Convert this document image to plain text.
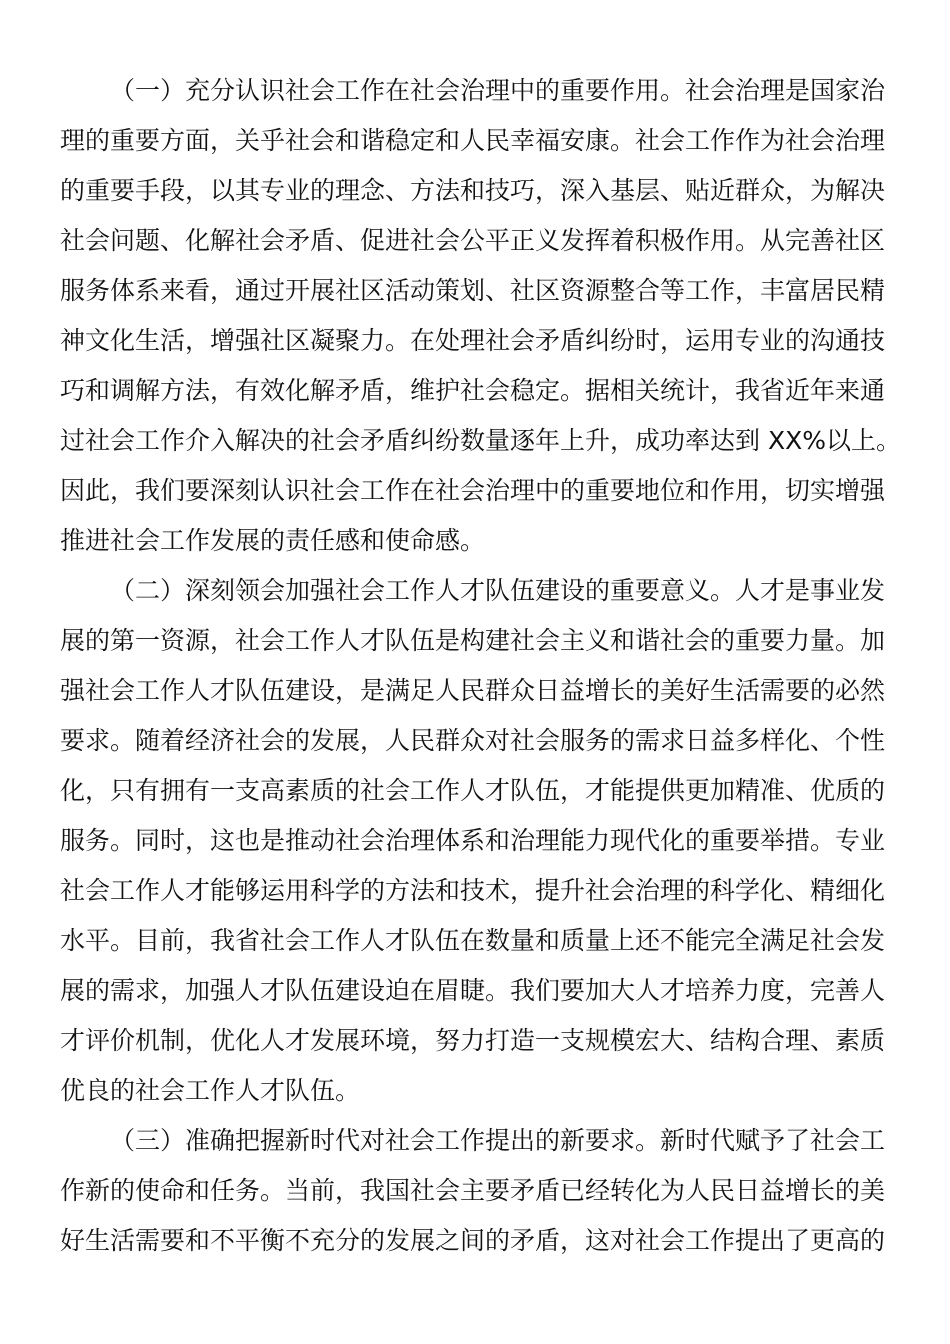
（一）充分认识社会工作在社会治理中的重要作用。社会治理是国家治
理的重要方面，关乎社会和谐稳定和人民幸福安康。社会工作作为社会治理
的重要手段，以其专业的理念、方法和技巧，深入基层、贴近群众，为解决
社会问题、化解社会矛盾、促进社会公平正义发挥着积极作用。从完善社区
服务体系来看，通过开展社区活动策划、社区资源整合等工作，丰富居民精
神文化生活，增强社区凝聚力。在处理社会矛盾纠纷时，运用专业的沟通技
巧和调解方法，有效化解矛盾，维护社会稳定。据相关统计，我省近年来通
过社会工作介入解决的社会矛盾纠纷数量逐年上升，成功率达到 XX%以上。
因此，我们要深刻认识社会工作在社会治理中的重要地位和作用，切实增强
推进社会工作发展的责任感和使命感。
（二）深刻领会加强社会工作人才队伍建设的重要意义。人才是事业发
展的第一资源，社会工作人才队伍是构建社会主义和谐社会的重要力量。加
强社会工作人才队伍建设，是满足人民群众日益增长的美好生活需要的必然
要求。随着经济社会的发展，人民群众对社会服务的需求日益多样化、个性
化，只有拥有一支高素质的社会工作人才队伍，才能提供更加精准、优质的
服务。同时，这也是推动社会治理体系和治理能力现代化的重要举措。专业
社会工作人才能够运用科学的方法和技术，提升社会治理的科学化、精细化
水平。目前，我省社会工作人才队伍在数量和质量上还不能完全满足社会发
展的需求，加强人才队伍建设迫在眉睫。我们要加大人才培养力度，完善人
才评价机制，优化人才发展环境，努力打造一支规模宏大、结构合理、素质
优良的社会工作人才队伍。
（三）准确把握新时代对社会工作提出的新要求。新时代赋予了社会工
作新的使命和任务。当前，我国社会主要矛盾已经转化为人民日益增长的美
好生活需要和不平衡不充分的发展之间的矛盾，这对社会工作提出了更高的
